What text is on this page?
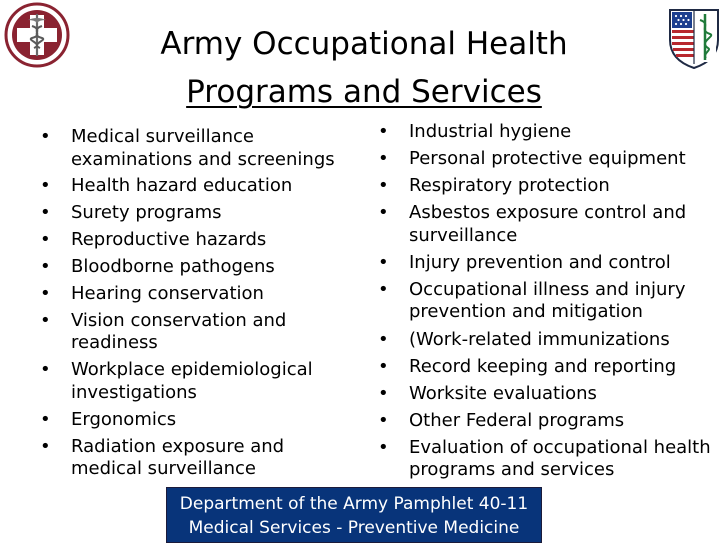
Army Occupational Health
Programs and Services
•	Medical surveillance examinations and screenings
•	Health hazard education
•	Surety programs
•	Reproductive hazards
•	Bloodborne pathogens
•	Hearing conservation
•	Vision conservation and readiness
•	Workplace epidemiological investigations
•	Ergonomics
•	Radiation exposure and medical surveillance
•	Industrial hygiene
•	Personal protective equipment
•	Respiratory protection
•	Asbestos exposure control and surveillance
•	Injury prevention and control
•	Occupational illness and injury prevention and mitigation
•	(Work-related immunizations
•	Record keeping and reporting
•	Worksite evaluations
•	Other Federal programs
•	Evaluation of occupational health programs and services
Department of the Army Pamphlet 40-11
Medical Services - Preventive Medicine
